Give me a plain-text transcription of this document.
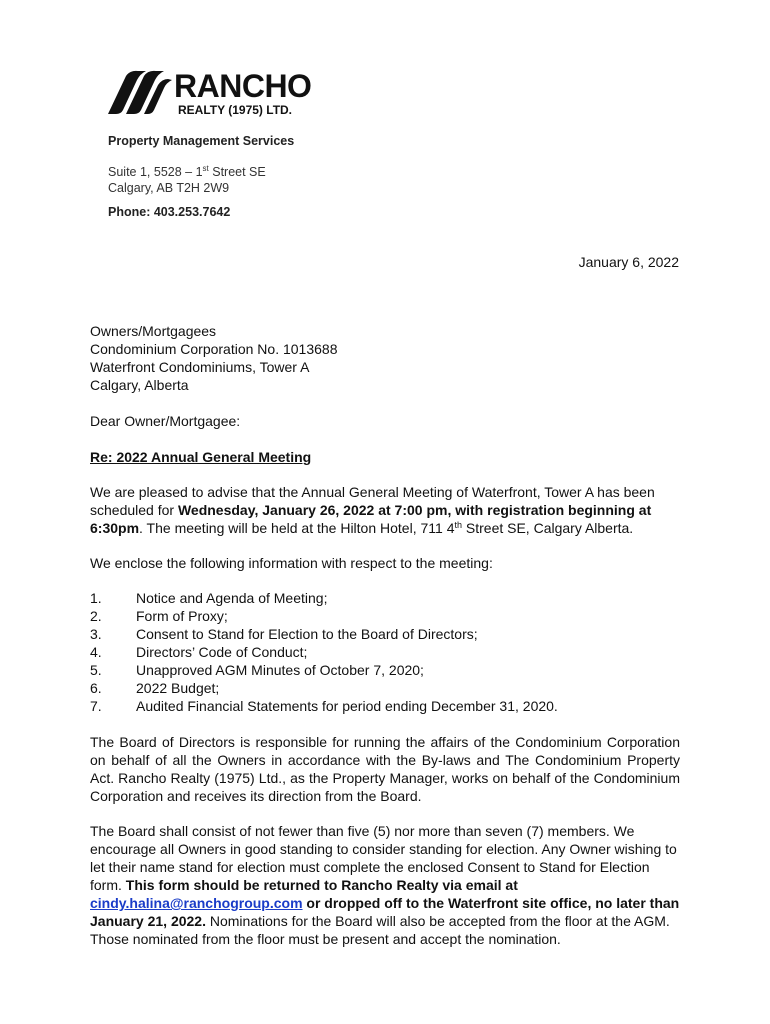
RANCHO
REALTY (1975) LTD.
Property Management Services
Suite 1, 5528 – 1st Street SE
Calgary, AB T2H 2W9
Phone: 403.253.7642
January 6, 2022

Owners/Mortgagees

Condominium Corporation No. 1013688

Waterfront Condominiums, Tower A

Calgary, Alberta

Dear Owner/Mortgagee:
Re: 2022 Annual General Meeting
We are pleased to advise that the Annual General Meeting of Waterfront, Tower A has been scheduled for Wednesday, January 26, 2022 at 7:00 pm, with registration beginning at 6:30pm. The meeting will be held at the Hilton Hotel, 711 4th Street SE, Calgary Alberta.
We enclose the following information with respect to the meeting:
1. Notice and Agenda of Meeting;
2. Form of Proxy;
3. Consent to Stand for Election to the Board of Directors;
4. Directors’ Code of Conduct;
5. Unapproved AGM Minutes of October 7, 2020;
6. 2022 Budget;
7. Audited Financial Statements for period ending December 31, 2020.
The Board of Directors is responsible for running the affairs of the Condominium Corporation on behalf of all the Owners in accordance with the By-laws and The Condominium Property Act. Rancho Realty (1975) Ltd., as the Property Manager, works on behalf of the Condominium Corporation and receives its direction from the Board.
The Board shall consist of not fewer than five (5) nor more than seven (7) members. We encourage all Owners in good standing to consider standing for election. Any Owner wishing to let their name stand for election must complete the enclosed Consent to Stand for Election form. This form should be returned to Rancho Realty via email at cindy.halina@ranchogroup.com or dropped off to the Waterfront site office, no later than January 21, 2022. Nominations for the Board will also be accepted from the floor at the AGM. Those nominated from the floor must be present and accept the nomination.
